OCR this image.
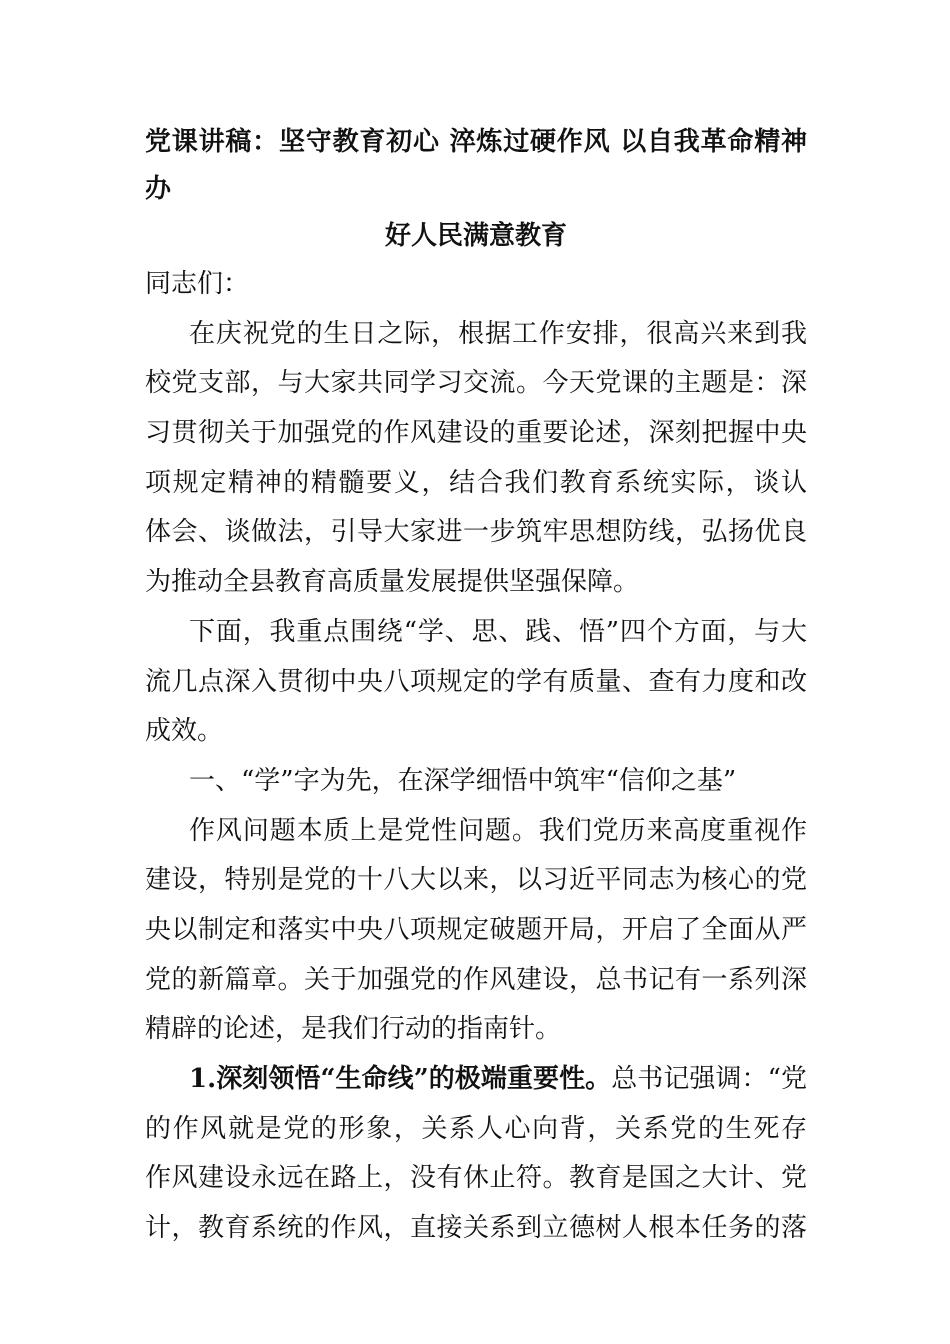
党课讲稿：坚守教育初心 淬炼过硬作风 以自我革命精神办
好人民满意教育
同志们：
在庆祝党的生日之际，根据工作安排，很高兴来到我
校党支部，与大家共同学习交流。今天党课的主题是：深
习贯彻关于加强党的作风建设的重要论述，深刻把握中央
项规定精神的精髓要义，结合我们教育系统实际，谈认
体会、谈做法，引导大家进一步筑牢思想防线，弘扬优良
为推动全县教育高质量发展提供坚强保障。
下面，我重点围绕“学、思、践、悟”四个方面，与大
流几点深入贯彻中央八项规定的学有质量、查有力度和改
成效。
一、“学”字为先，在深学细悟中筑牢“信仰之基”
作风问题本质上是党性问题。我们党历来高度重视作
建设，特别是党的十八大以来，以习近平同志为核心的党
央以制定和落实中央八项规定破题开局，开启了全面从严
党的新篇章。关于加强党的作风建设，总书记有一系列深
精辟的论述，是我们行动的指南针。
1.深刻领悟“生命线”的极端重要性。总书记强调：“党
的作风就是党的形象，关系人心向背，关系党的生死存
作风建设永远在路上，没有休止符。教育是国之大计、党
计，教育系统的作风，直接关系到立德树人根本任务的落
